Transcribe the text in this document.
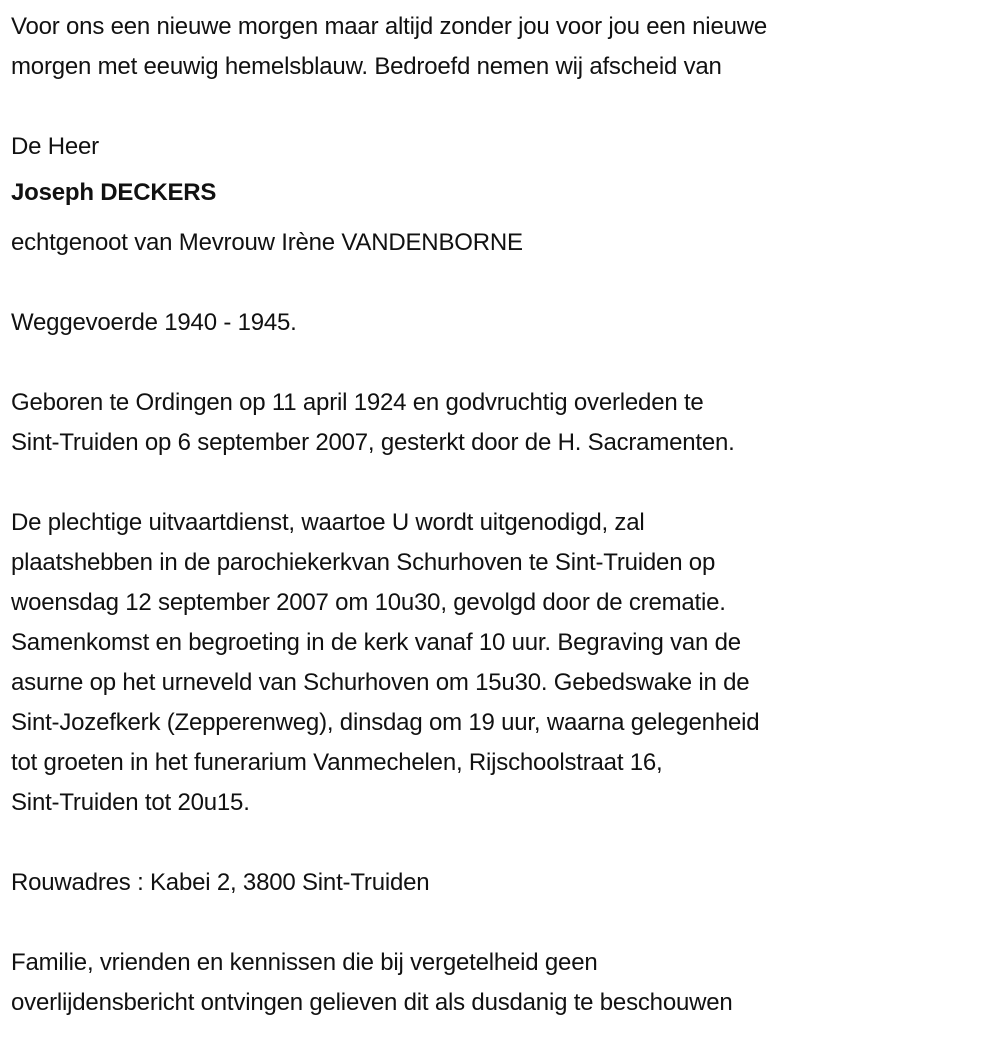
Voor ons een nieuwe morgen maar altijd zonder jou voor jou een nieuwe
morgen met eeuwig hemelsblauw. Bedroefd nemen wij afscheid van
De Heer
Joseph DECKERS
echtgenoot van Mevrouw Irène VANDENBORNE
Weggevoerde 1940 - 1945.
Geboren te Ordingen op 11 april 1924 en godvruchtig overleden te
Sint-Truiden op 6 september 2007, gesterkt door de H. Sacramenten.
De plechtige uitvaartdienst, waartoe U wordt uitgenodigd, zal
plaatshebben in de parochiekerkvan Schurhoven te Sint-Truiden op
woensdag 12 september 2007 om 10u30, gevolgd door de crematie.
Samenkomst en begroeting in de kerk vanaf 10 uur. Begraving van de
asurne op het urneveld van Schurhoven om 15u30. Gebedswake in de
Sint-Jozefkerk (Zepperenweg), dinsdag om 19 uur, waarna gelegenheid
tot groeten in het funerarium Vanmechelen, Rijschoolstraat 16,
Sint-Truiden tot 20u15.
Rouwadres : Kabei 2, 3800 Sint-Truiden
Familie, vrienden en kennissen die bij vergetelheid geen
overlijdensbericht ontvingen gelieven dit als dusdanig te beschouwen
